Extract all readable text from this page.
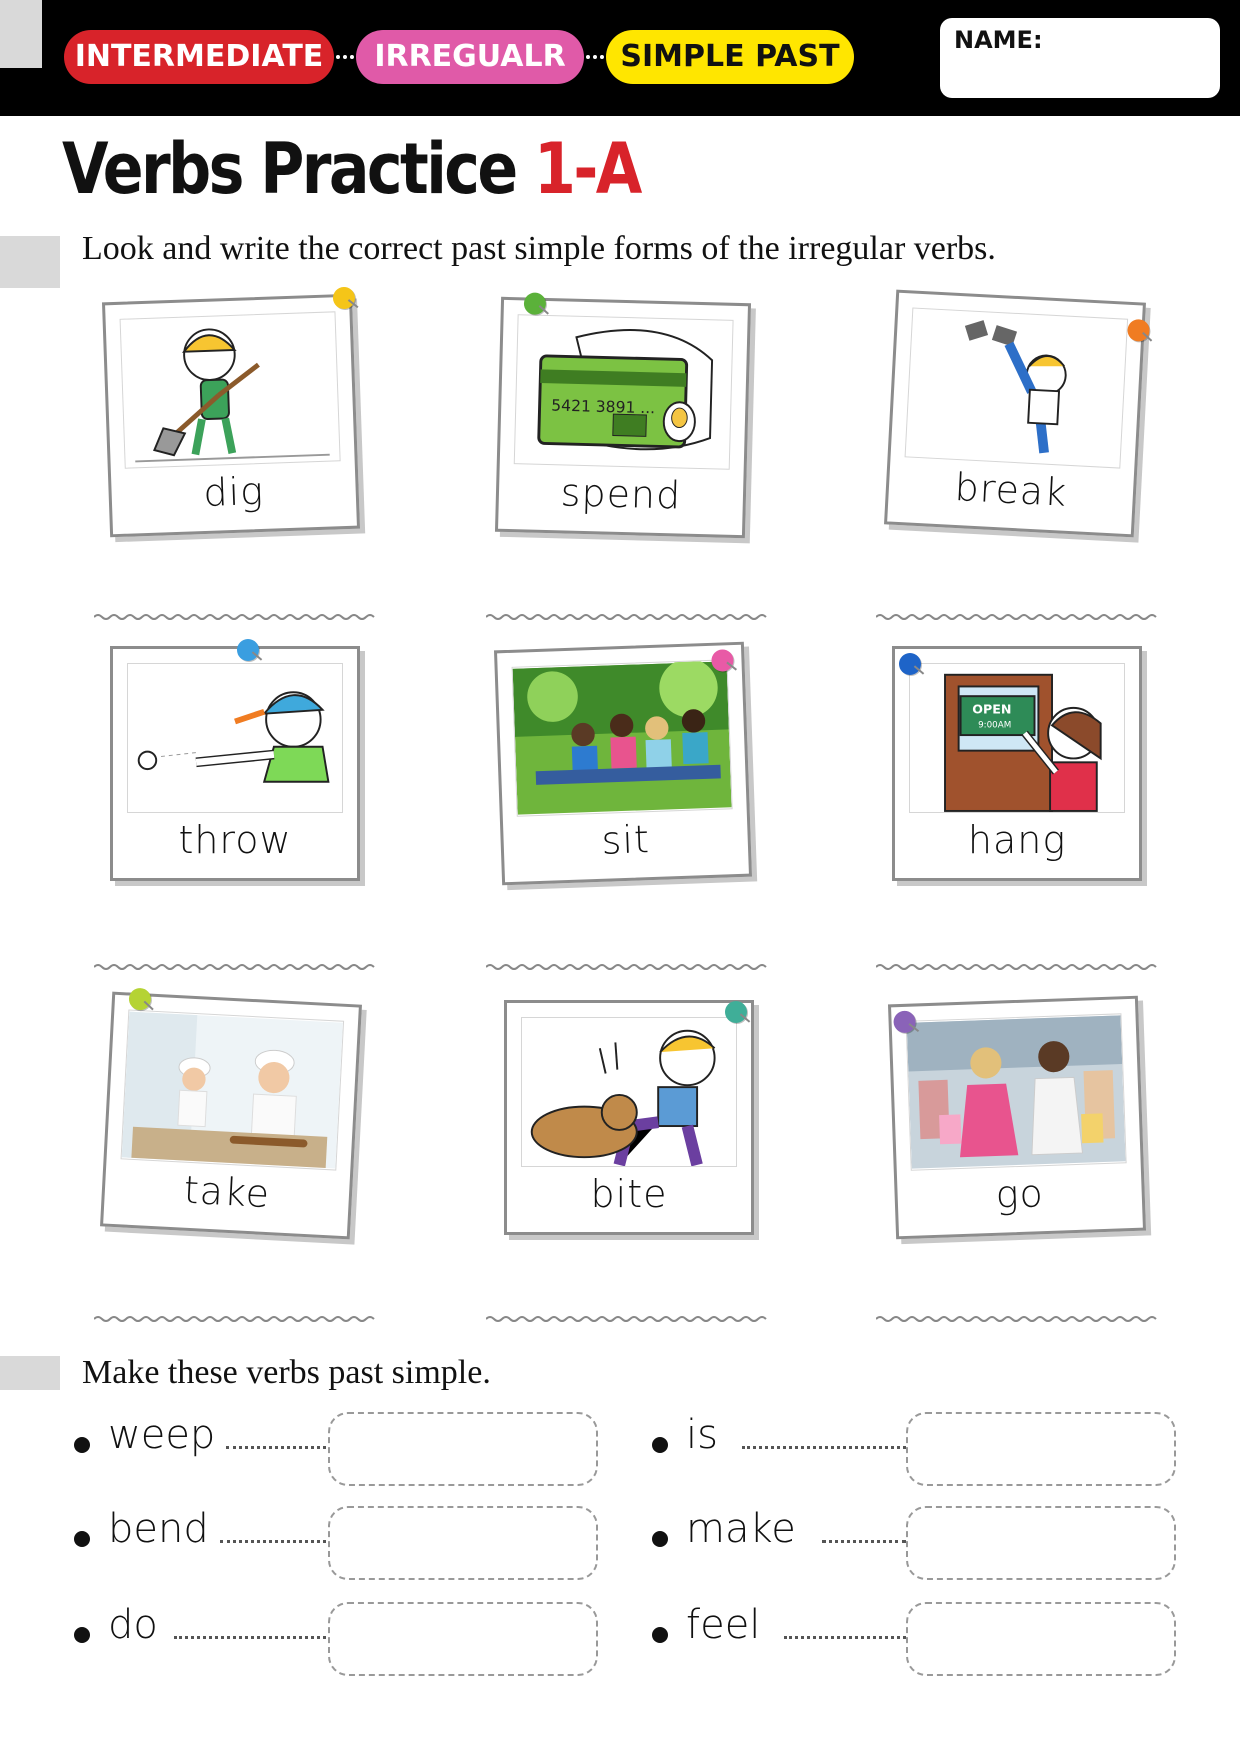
INTERMEDIATE	IRREGUALR	SIMPLE PAST	NAME:
Verbs Practice 1-A
Look and write the correct past simple forms of the irregular verbs.
dig
5421 3891 ...
spend	break
throw	sit
OPEN
9:00AM
hang
take	bite	go
Make these verbs past simple.
weep
bend
do
is
make
feel
